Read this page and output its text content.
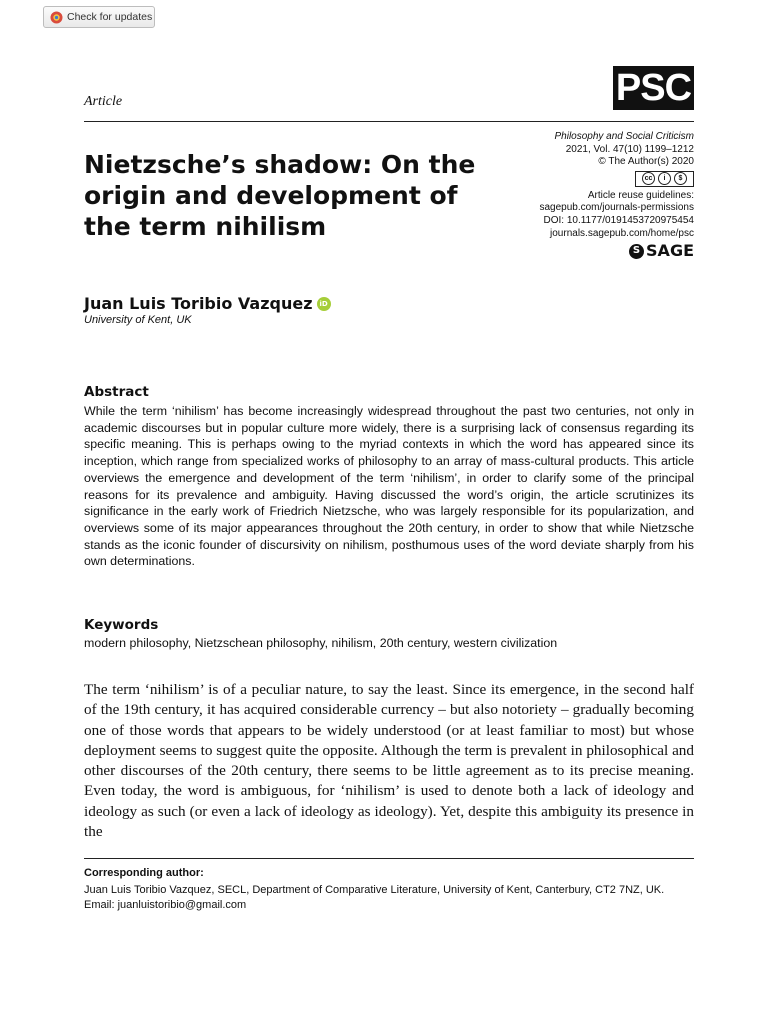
Check for updates
Article	PSC
Nietzsche’s shadow: On the origin and development of the term nihilism
Philosophy and Social Criticism
2021, Vol. 47(10) 1199–1212
© The Author(s) 2020
cc	i	$
Article reuse guidelines:
sagepub.com/journals-permissions
DOI: 10.1177/0191453720975454
journals.sagepub.com/home/psc
S SAGE
Juan Luis Toribio Vazquez iD
University of Kent, UK
Abstract

While the term ‘nihilism’ has become increasingly widespread throughout the past two centuries, not only in academic discourses but in popular culture more widely, there is a surprising lack of consensus regarding its specific meaning. This is perhaps owing to the myriad contexts in which the word has appeared since its inception, which range from specialized works of philosophy to an array of mass-cultural products. This article overviews the emergence and development of the term ‘nihilism’, in order to clarify some of the principal reasons for its prevalence and ambiguity. Having discussed the word’s origin, the article scrutinizes its significance in the early work of Friedrich Nietzsche, who was largely responsible for its popularization, and overviews some of its major appearances throughout the 20th century, in order to show that while Nietzsche stands as the iconic founder of discursivity on nihilism, posthumous uses of the word deviate sharply from his own determinations.

Keywords
modern philosophy, Nietzschean philosophy, nihilism, 20th century, western civilization

The term ‘nihilism’ is of a peculiar nature, to say the least. Since its emergence, in the second half of the 19th century, it has acquired considerable currency – but also notoriety – gradually becoming one of those words that appears to be widely understood (or at least familiar to most) but whose deployment seems to suggest quite the opposite. Although the term is prevalent in philosophical and other discourses of the 20th century, there seems to be little agreement as to its precise meaning. Even today, the word is ambiguous, for ‘nihilism’ is used to denote both a lack of ideology and ideology as such (or even a lack of ideology as ideology). Yet, despite this ambiguity its presence in the

Corresponding author:
Juan Luis Toribio Vazquez, SECL, Department of Comparative Literature, University of Kent, Canterbury, CT2 7NZ, UK.
Email: juanluistoribio@gmail.com
